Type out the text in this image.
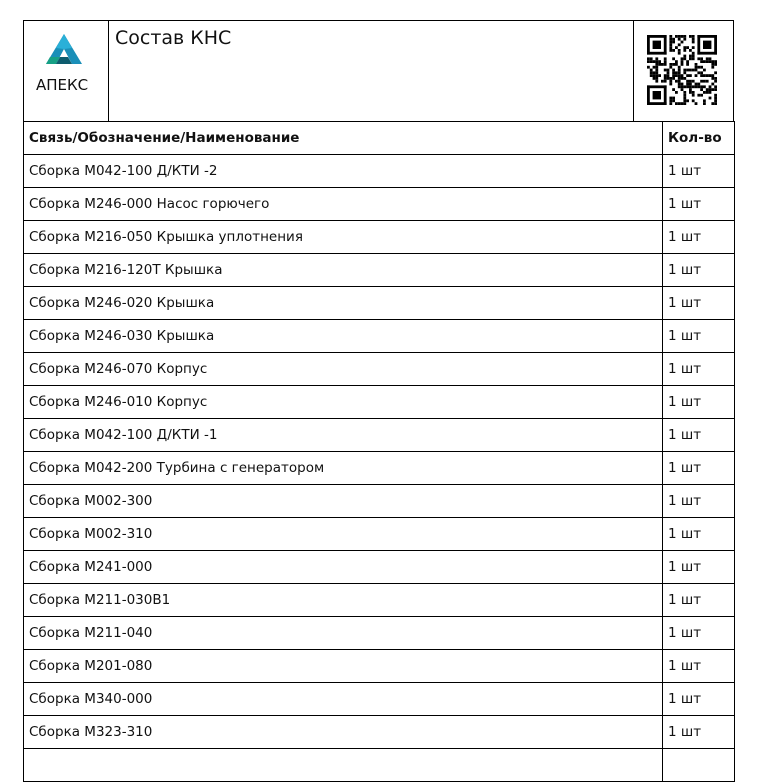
АПЕКС
Состав КНС
Связь/Обозначение/Наименование	Кол-во
Сборка М042-100 Д/КТИ -2	1 шт
Сборка М246-000 Насос горючего	1 шт
Сборка М216-050 Крышка уплотнения	1 шт
Сборка М216-120Т Крышка	1 шт
Сборка М246-020 Крышка	1 шт
Сборка М246-030 Крышка	1 шт
Сборка М246-070 Корпус	1 шт
Сборка М246-010 Корпус	1 шт
Сборка М042-100 Д/КТИ -1	1 шт
Сборка М042-200 Турбина с генератором	1 шт
Сборка М002-300	1 шт
Сборка М002-310	1 шт
Сборка М241-000	1 шт
Сборка М211-030В1	1 шт
Сборка М211-040	1 шт
Сборка М201-080	1 шт
Сборка М340-000	1 шт
Сборка М323-310	1 шт
